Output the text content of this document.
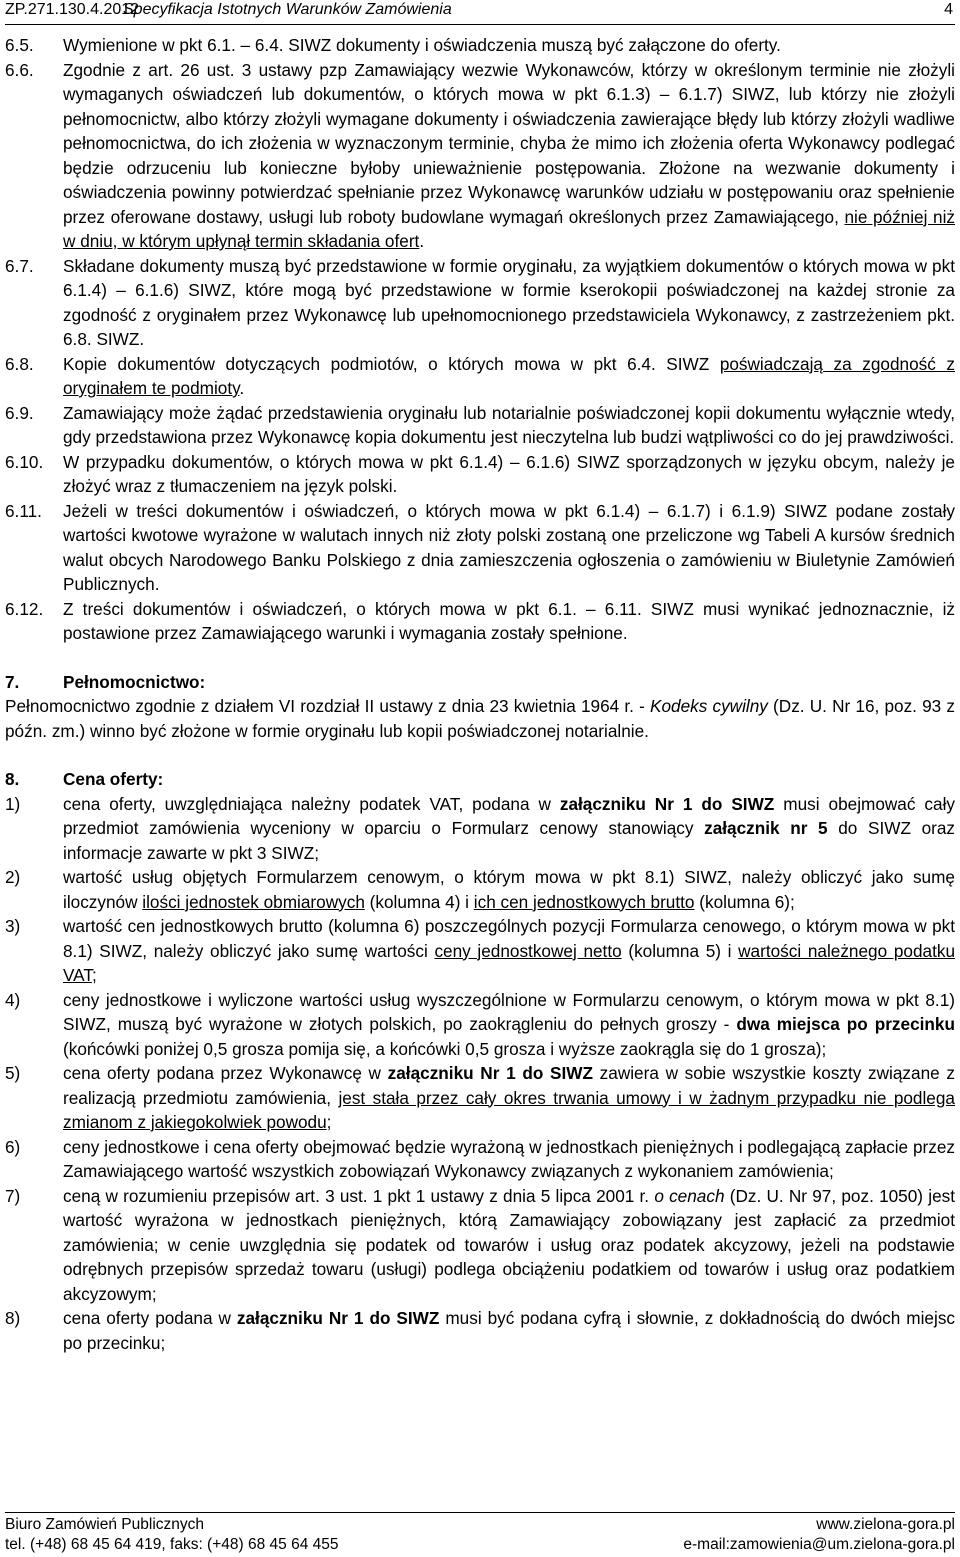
ZP.271.130.4.2012
Specyfikacja Istotnych Warunków Zamówienia	4
6.5.	Wymienione w pkt 6.1. – 6.4. SIWZ dokumenty i oświadczenia muszą być załączone do oferty.
6.6.	Zgodnie z art. 26 ust. 3 ustawy pzp Zamawiający wezwie Wykonawców, którzy w określonym terminie nie złożyli wymaganych oświadczeń lub dokumentów, o których mowa w pkt 6.1.3) – 6.1.7) SIWZ, lub którzy nie złożyli pełnomocnictw, albo którzy złożyli wymagane dokumenty i oświadczenia zawierające błędy lub którzy złożyli wadliwe pełnomocnictwa, do ich złożenia w wyznaczonym terminie, chyba że mimo ich złożenia oferta Wykonawcy podlegać będzie odrzuceniu lub konieczne byłoby unieważnienie postępowania. Złożone na wezwanie dokumenty i oświadczenia powinny potwierdzać spełnianie przez Wykonawcę warunków udziału w postępowaniu oraz spełnienie przez oferowane dostawy, usługi lub roboty budowlane wymagań określonych przez Zamawiającego, nie później niż w dniu, w którym upłynął termin składania ofert.
6.7.	Składane dokumenty muszą być przedstawione w formie oryginału, za wyjątkiem dokumentów o których mowa w pkt 6.1.4) – 6.1.6) SIWZ, które mogą być przedstawione w formie kserokopii poświadczonej na każdej stronie za zgodność z oryginałem przez Wykonawcę lub upełnomocnionego przedstawiciela Wykonawcy, z zastrzeżeniem pkt. 6.8. SIWZ.
6.8.	Kopie dokumentów dotyczących podmiotów, o których mowa w pkt 6.4. SIWZ poświadczają za zgodność z oryginałem te podmioty.
6.9.	Zamawiający może żądać przedstawienia oryginału lub notarialnie poświadczonej kopii dokumentu wyłącznie wtedy, gdy przedstawiona przez Wykonawcę kopia dokumentu jest nieczytelna lub budzi wątpliwości co do jej prawdziwości.
6.10.	W przypadku dokumentów, o których mowa w pkt 6.1.4) – 6.1.6) SIWZ sporządzonych w języku obcym, należy je złożyć wraz z tłumaczeniem na język polski.
6.11.	Jeżeli w treści dokumentów i oświadczeń, o których mowa w pkt 6.1.4) – 6.1.7) i 6.1.9) SIWZ podane zostały wartości kwotowe wyrażone w walutach innych niż złoty polski zostaną one przeliczone wg Tabeli A kursów średnich walut obcych Narodowego Banku Polskiego z dnia zamieszczenia ogłoszenia o zamówieniu w Biuletynie Zamówień Publicznych.
6.12.	Z treści dokumentów i oświadczeń, o których mowa w pkt 6.1. – 6.11. SIWZ musi wynikać jednoznacznie, iż postawione przez Zamawiającego warunki i wymagania zostały spełnione.
7.	Pełnomocnictwo:
Pełnomocnictwo zgodnie z działem VI rozdział II ustawy z dnia 23 kwietnia 1964 r. - Kodeks cywilny (Dz. U. Nr 16, poz. 93 z późn. zm.) winno być złożone w formie oryginału lub kopii poświadczonej notarialnie.
8.	Cena oferty:
1)	cena oferty, uwzględniająca należny podatek VAT, podana w załączniku Nr 1 do SIWZ musi obejmować cały przedmiot zamówienia wyceniony w oparciu o Formularz cenowy stanowiący załącznik nr 5 do SIWZ oraz informacje zawarte w pkt 3 SIWZ;
2)	wartość usług objętych Formularzem cenowym, o którym mowa w pkt 8.1) SIWZ, należy obliczyć jako sumę iloczynów ilości jednostek obmiarowych (kolumna 4) i ich cen jednostkowych brutto (kolumna 6);
3)	wartość cen jednostkowych brutto (kolumna 6) poszczególnych pozycji Formularza cenowego, o którym mowa w pkt 8.1) SIWZ, należy obliczyć jako sumę wartości ceny jednostkowej netto (kolumna 5) i wartości należnego podatku VAT;
4)	ceny jednostkowe i wyliczone wartości usług wyszczególnione w Formularzu cenowym, o którym mowa w pkt 8.1) SIWZ, muszą być wyrażone w złotych polskich, po zaokrągleniu do pełnych groszy - dwa miejsca po przecinku (końcówki poniżej 0,5 grosza pomija się, a końcówki 0,5 grosza i wyższe zaokrągla się do 1 grosza);
5)	cena oferty podana przez Wykonawcę w załączniku Nr 1 do SIWZ zawiera w sobie wszystkie koszty związane z realizacją przedmiotu zamówienia, jest stała przez cały okres trwania umowy i w żadnym przypadku nie podlega zmianom z jakiegokolwiek powodu;
6)	ceny jednostkowe i cena oferty obejmować będzie wyrażoną w jednostkach pieniężnych i podlegającą zapłacie przez Zamawiającego wartość wszystkich zobowiązań Wykonawcy związanych z wykonaniem zamówienia;
7)	ceną w rozumieniu przepisów art. 3 ust. 1 pkt 1 ustawy z dnia 5 lipca 2001 r. o cenach (Dz. U. Nr 97, poz. 1050) jest wartość wyrażona w jednostkach pieniężnych, którą Zamawiający zobowiązany jest zapłacić za przedmiot zamówienia; w cenie uwzględnia się podatek od towarów i usług oraz podatek akcyzowy, jeżeli na podstawie odrębnych przepisów sprzedaż towaru (usługi) podlega obciążeniu podatkiem od towarów i usług oraz podatkiem akcyzowym;
8)	cena oferty podana w załączniku Nr 1 do SIWZ musi być podana cyfrą i słownie, z dokładnością do dwóch miejsc po przecinku;
Biuro Zamówień Publicznych	www.zielona-gora.pl
tel. (+48) 68 45 64 419, faks: (+48) 68 45 64 455	e-mail:zamowienia@um.zielona-gora.pl
